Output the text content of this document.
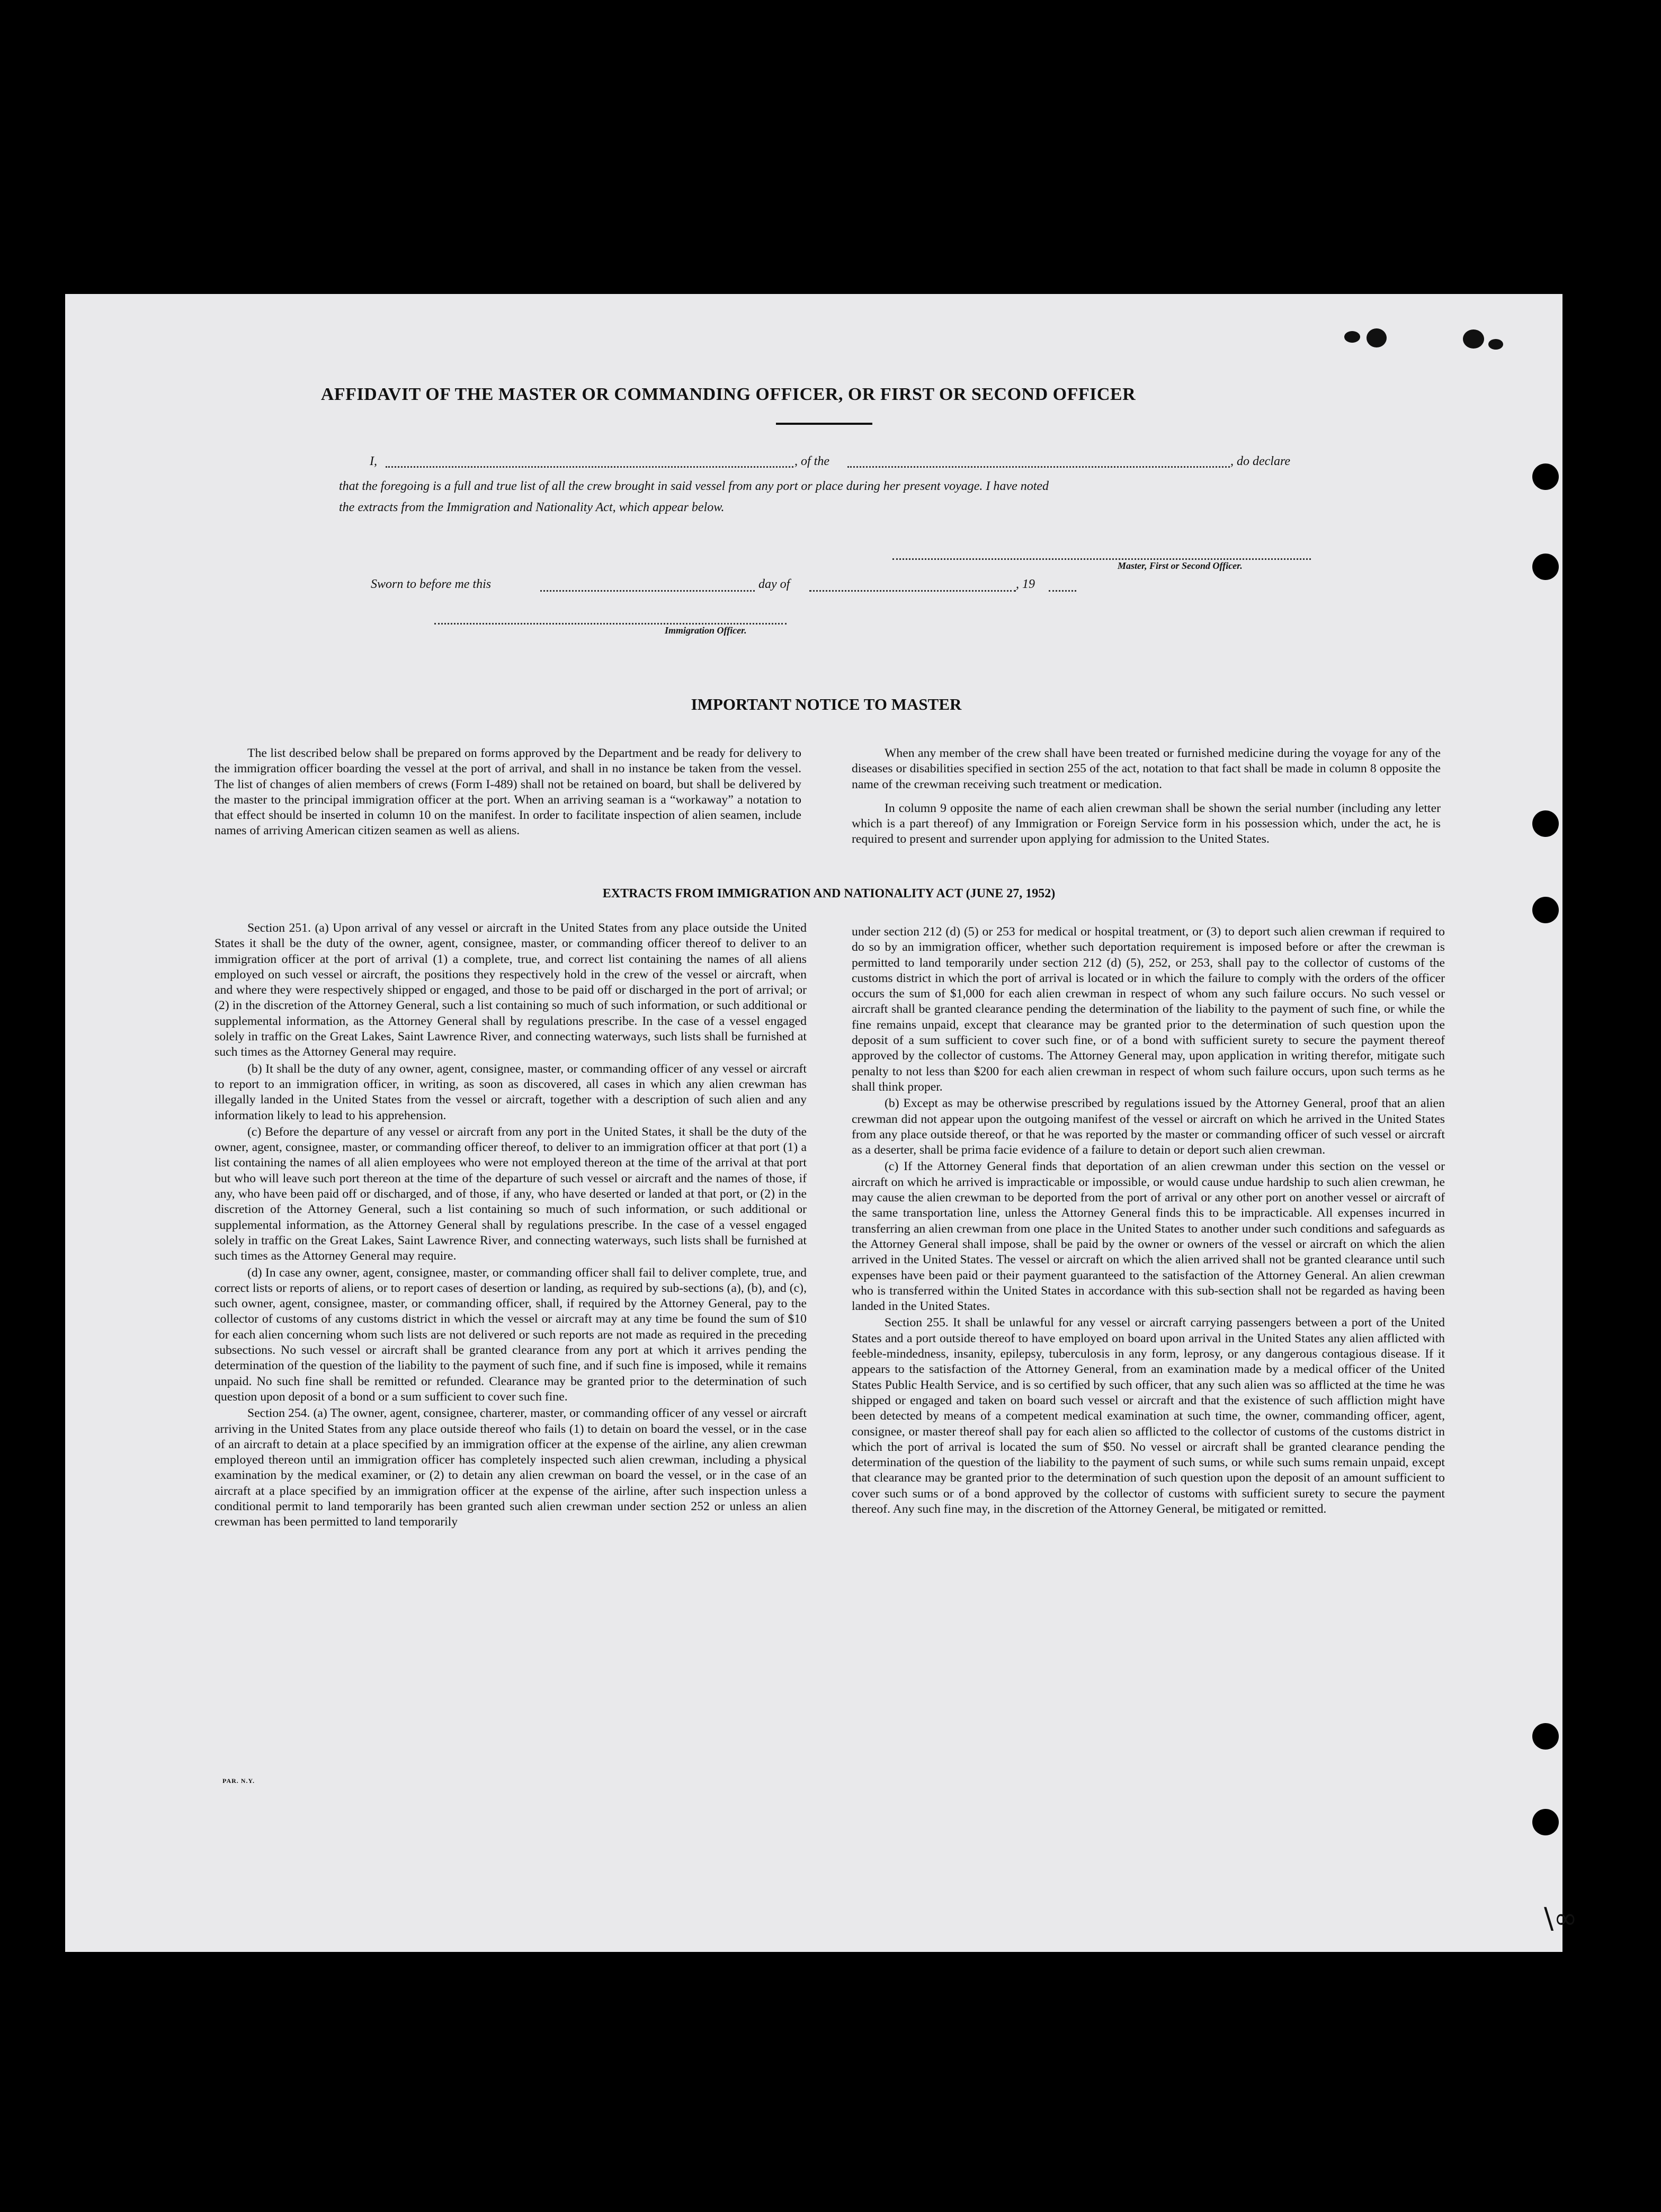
AFFIDAVIT OF THE MASTER OR COMMANDING OFFICER, OR FIRST OR SECOND OFFICER
I,	, of the	, do declare
that the foregoing is a full and true list of all the crew brought in said vessel from any port or place during her present voyage. I have noted
the extracts from the Immigration and Nationality Act, which appear below.
Master, First or Second Officer.
Sworn to before me this	day of	, 19
Immigration Officer.
IMPORTANT NOTICE TO MASTER

The list described below shall be prepared on forms approved by the Department and be ready for delivery to the immigration officer boarding the vessel at the port of arrival, and shall in no instance be taken from the vessel. The list of changes of alien members of crews (Form I-489) shall not be retained on board, but shall be delivered by the master to the principal immigration officer at the port. When an arriving seaman is a “workaway” a notation to that effect should be inserted in column 10 on the manifest. In order to facilitate inspection of alien seamen, include names of arriving American citizen seamen as well as aliens.

When any member of the crew shall have been treated or furnished medicine during the voyage for any of the diseases or disabilities specified in section 255 of the act, notation to that fact shall be made in column 8 opposite the name of the crewman receiving such treatment or medication.

In column 9 opposite the name of each alien crewman shall be shown the serial number (including any letter which is a part thereof) of any Immigration or Foreign Service form in his possession which, under the act, he is required to present and surrender upon applying for admission to the United States.

EXTRACTS FROM IMMIGRATION AND NATIONALITY ACT (JUNE 27, 1952)

Section 251. (a) Upon arrival of any vessel or aircraft in the United States from any place outside the United States it shall be the duty of the owner, agent, consignee, master, or commanding officer thereof to deliver to an immigration officer at the port of arrival (1) a complete, true, and correct list containing the names of all aliens employed on such vessel or aircraft, the positions they respectively hold in the crew of the vessel or aircraft, when and where they were respectively shipped or engaged, and those to be paid off or discharged in the port of arrival; or (2) in the discretion of the Attorney General, such a list containing so much of such information, or such additional or supplemental information, as the Attorney General shall by regulations prescribe. In the case of a vessel engaged solely in traffic on the Great Lakes, Saint Lawrence River, and connecting waterways, such lists shall be furnished at such times as the Attorney General may require.

(b) It shall be the duty of any owner, agent, consignee, master, or commanding officer of any vessel or aircraft to report to an immigration officer, in writing, as soon as discovered, all cases in which any alien crewman has illegally landed in the United States from the vessel or aircraft, together with a description of such alien and any information likely to lead to his apprehension.

(c) Before the departure of any vessel or aircraft from any port in the United States, it shall be the duty of the owner, agent, consignee, master, or commanding officer thereof, to deliver to an immigration officer at that port (1) a list containing the names of all alien employees who were not employed thereon at the time of the arrival at that port but who will leave such port thereon at the time of the departure of such vessel or aircraft and the names of those, if any, who have been paid off or discharged, and of those, if any, who have deserted or landed at that port, or (2) in the discretion of the Attorney General, such a list containing so much of such information, or such additional or supplemental information, as the Attorney General shall by regulations prescribe. In the case of a vessel engaged solely in traffic on the Great Lakes, Saint Lawrence River, and connecting waterways, such lists shall be furnished at such times as the Attorney General may require.

(d) In case any owner, agent, consignee, master, or commanding officer shall fail to deliver complete, true, and correct lists or reports of aliens, or to report cases of desertion or landing, as required by sub-sections (a), (b), and (c), such owner, agent, consignee, master, or commanding officer, shall, if required by the Attorney General, pay to the collector of customs of any customs district in which the vessel or aircraft may at any time be found the sum of $10 for each alien concerning whom such lists are not delivered or such reports are not made as required in the preceding subsections. No such vessel or aircraft shall be granted clearance from any port at which it arrives pending the determination of the question of the liability to the payment of such fine, and if such fine is imposed, while it remains unpaid. No such fine shall be remitted or refunded. Clearance may be granted prior to the determination of such question upon deposit of a bond or a sum sufficient to cover such fine.

Section 254. (a) The owner, agent, consignee, charterer, master, or commanding officer of any vessel or aircraft arriving in the United States from any place outside thereof who fails (1) to detain on board the vessel, or in the case of an aircraft to detain at a place specified by an immigration officer at the expense of the airline, any alien crewman employed thereon until an immigration officer has completely inspected such alien crewman, including a physical examination by the medical examiner, or (2) to detain any alien crewman on board the vessel, or in the case of an aircraft at a place specified by an immigration officer at the expense of the airline, after such inspection unless a conditional permit to land temporarily has been granted such alien crewman under section 252 or unless an alien crewman has been permitted to land temporarily

under section 212 (d) (5) or 253 for medical or hospital treatment, or (3) to deport such alien crewman if required to do so by an immigration officer, whether such deportation requirement is imposed before or after the crewman is permitted to land temporarily under section 212 (d) (5), 252, or 253, shall pay to the collector of customs of the customs district in which the port of arrival is located or in which the failure to comply with the orders of the officer occurs the sum of $1,000 for each alien crewman in respect of whom any such failure occurs. No such vessel or aircraft shall be granted clearance pending the determination of the liability to the payment of such fine, or while the fine remains unpaid, except that clearance may be granted prior to the determination of such question upon the deposit of a sum sufficient to cover such fine, or of a bond with sufficient surety to secure the payment thereof approved by the collector of customs. The Attorney General may, upon application in writing therefor, mitigate such penalty to not less than $200 for each alien crewman in respect of whom such failure occurs, upon such terms as he shall think proper.

(b) Except as may be otherwise prescribed by regulations issued by the Attorney General, proof that an alien crewman did not appear upon the outgoing manifest of the vessel or aircraft on which he arrived in the United States from any place outside thereof, or that he was reported by the master or commanding officer of such vessel or aircraft as a deserter, shall be prima facie evidence of a failure to detain or deport such alien crewman.

(c) If the Attorney General finds that deportation of an alien crewman under this section on the vessel or aircraft on which he arrived is impracticable or impossible, or would cause undue hardship to such alien crewman, he may cause the alien crewman to be deported from the port of arrival or any other port on another vessel or aircraft of the same transportation line, unless the Attorney General finds this to be impracticable. All expenses incurred in transferring an alien crewman from one place in the United States to another under such conditions and safeguards as the Attorney General shall impose, shall be paid by the owner or owners of the vessel or aircraft on which the alien arrived in the United States. The vessel or aircraft on which the alien arrived shall not be granted clearance until such expenses have been paid or their payment guaranteed to the satisfaction of the Attorney General. An alien crewman who is transferred within the United States in accordance with this sub-section shall not be regarded as having been landed in the United States.

Section 255. It shall be unlawful for any vessel or aircraft carrying passengers between a port of the United States and a port outside thereof to have employed on board upon arrival in the United States any alien afflicted with feeble-mindedness, insanity, epilepsy, tuberculosis in any form, leprosy, or any dangerous contagious disease. If it appears to the satisfaction of the Attorney General, from an examination made by a medical officer of the United States Public Health Service, and is so certified by such officer, that any such alien was so afflicted at the time he was shipped or engaged and taken on board such vessel or aircraft and that the existence of such affliction might have been detected by means of a competent medical examination at such time, the owner, commanding officer, agent, consignee, or master thereof shall pay for each alien so afflicted to the collector of customs of the customs district in which the port of arrival is located the sum of $50. No vessel or aircraft shall be granted clearance pending the determination of the question of the liability to the payment of such sums, or while such sums remain unpaid, except that clearance may be granted prior to the determination of such question upon the deposit of an amount sufficient to cover such sums or of a bond approved by the collector of customs with sufficient surety to secure the payment thereof. Any such fine may, in the discretion of the Attorney General, be mitigated or remitted.

PAR. N.Y.
\∞
